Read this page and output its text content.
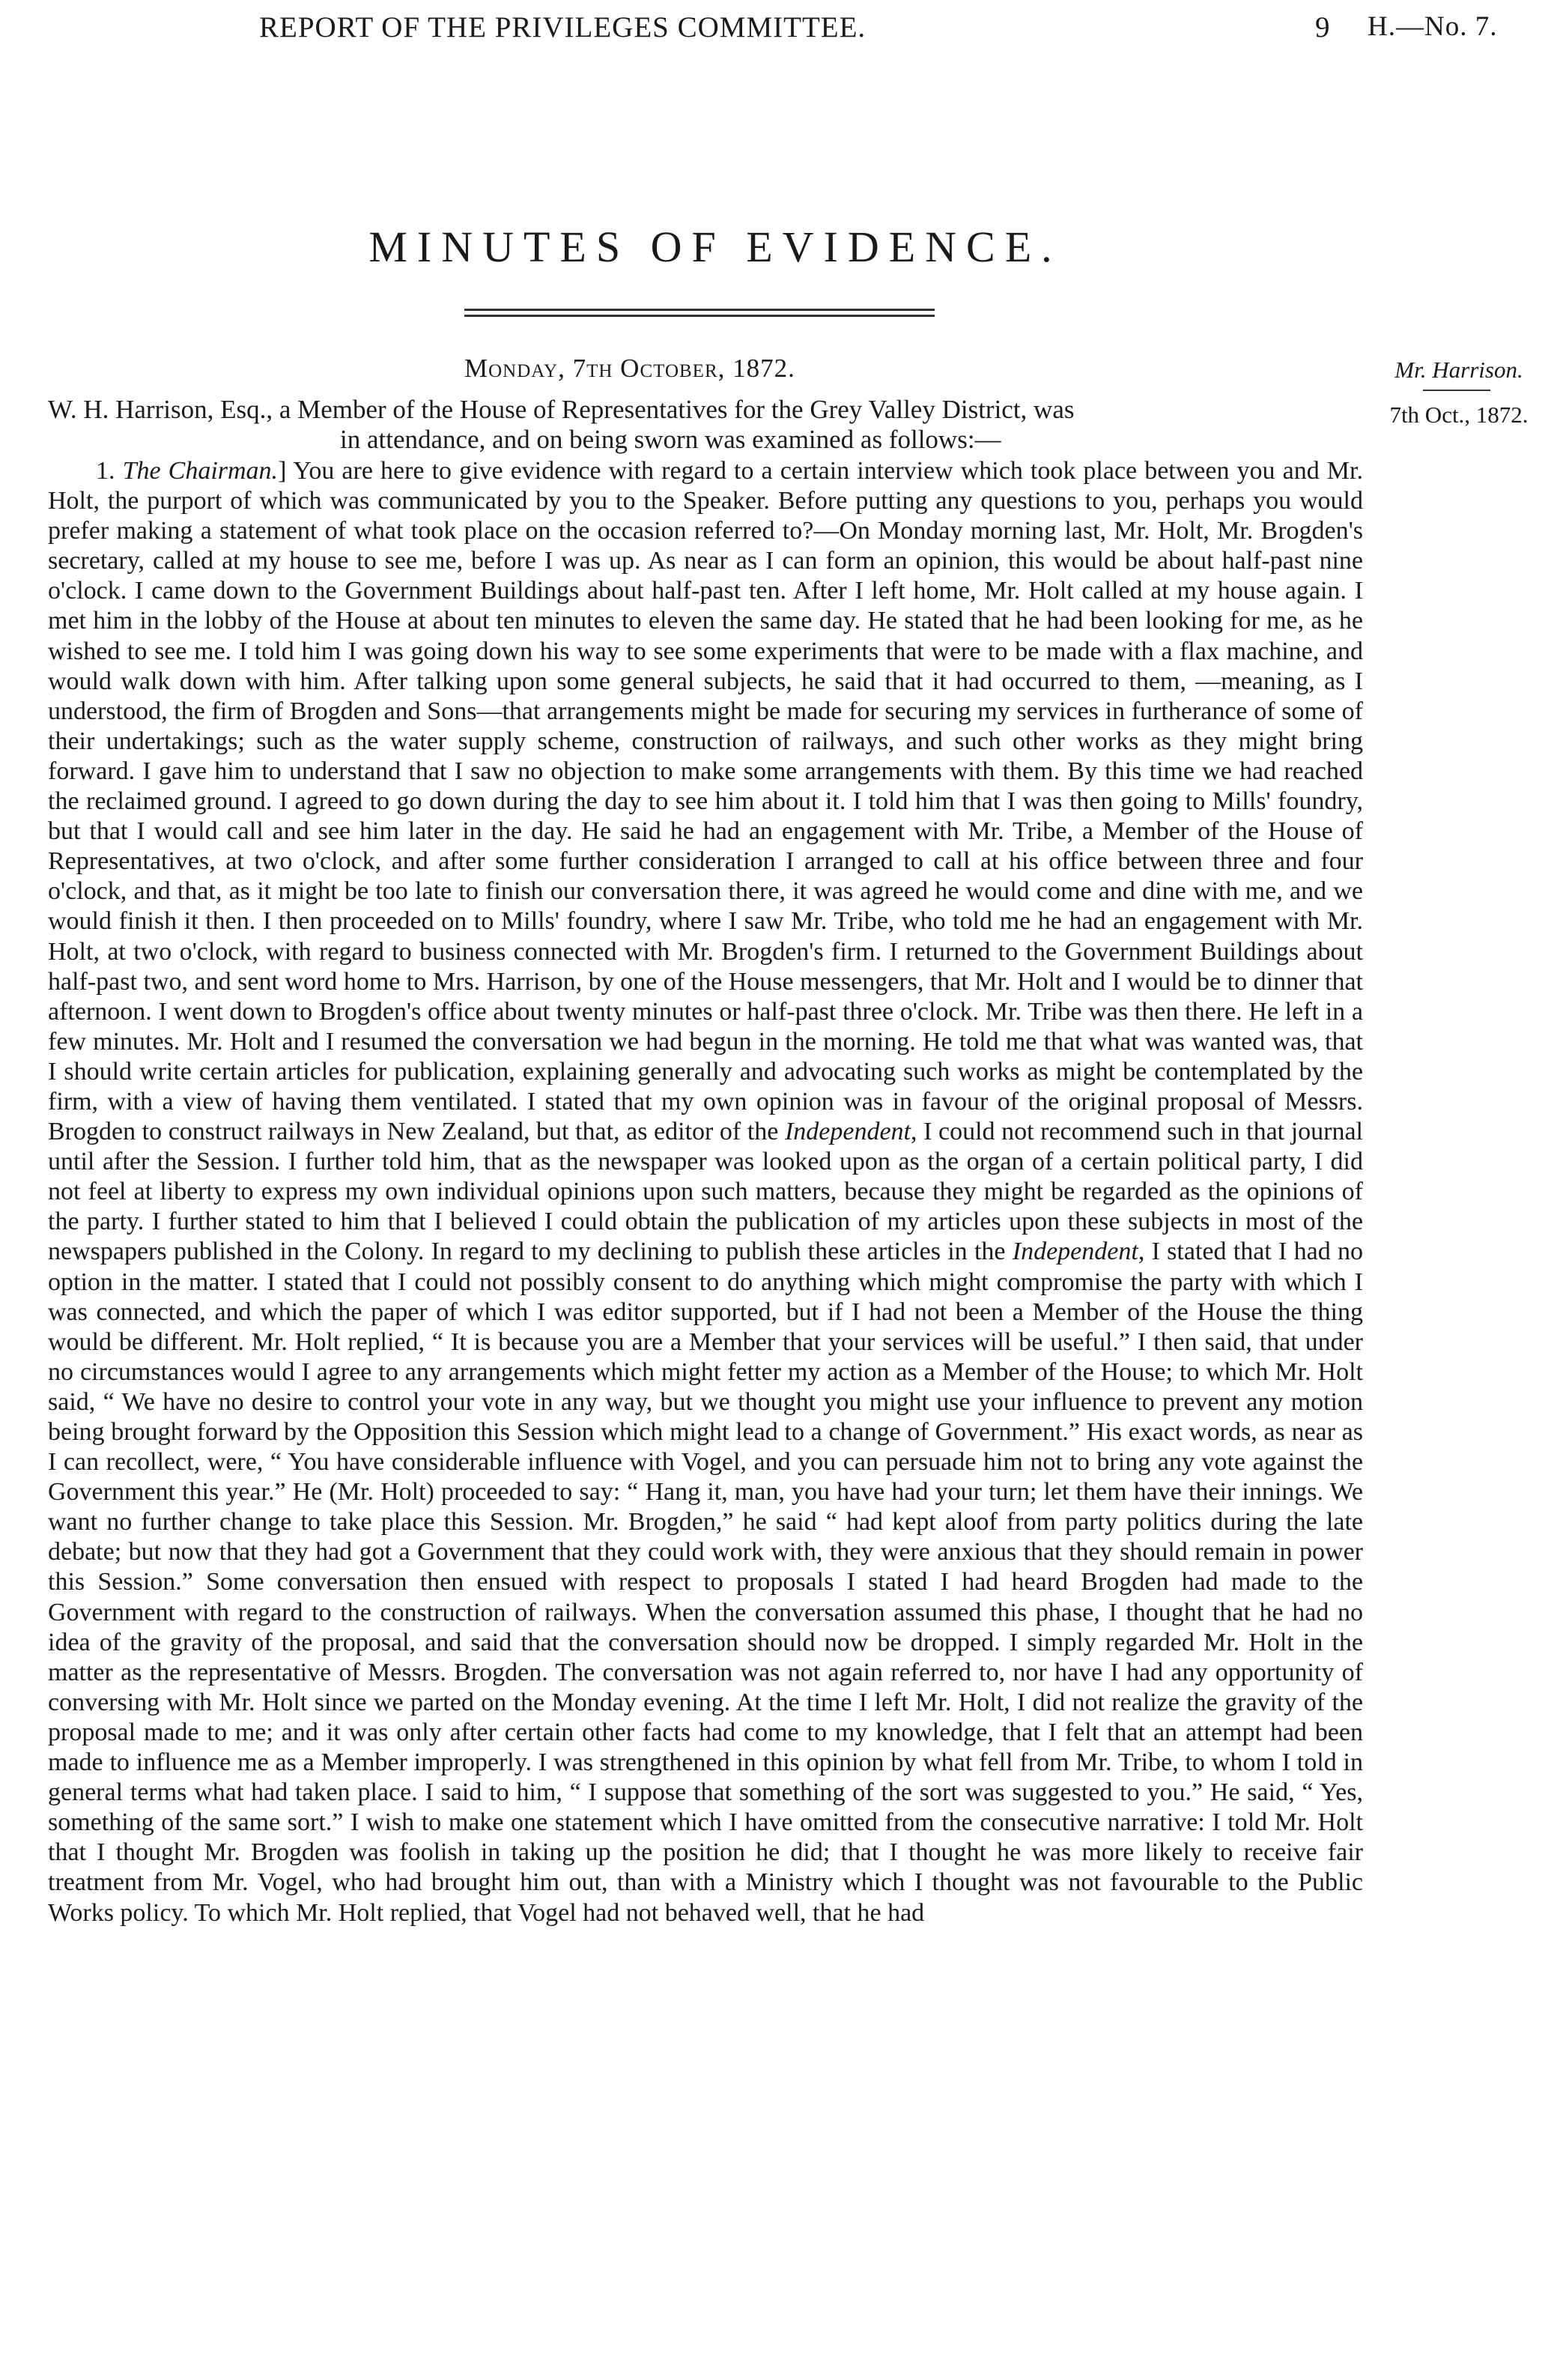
REPORT OF THE PRIVILEGES COMMITTEE.	9 H.—No. 7.
MINUTES OF EVIDENCE.
Monday, 7th October, 1872.	Mr. Harrison.
7th Oct., 1872.
W. H. Harrison, Esq., a Member of the House of Representatives for the Grey Valley District, was
in attendance, and on being sworn was examined as follows:—

1. The Chairman.] You are here to give evidence with regard to a certain interview which took place between you and Mr. Holt, the purport of which was communicated by you to the Speaker. Before putting any questions to you, perhaps you would prefer making a statement of what took place on the occasion referred to?—On Monday morning last, Mr. Holt, Mr. Brogden's secretary, called at my house to see me, before I was up. As near as I can form an opinion, this would be about half-past nine o'clock. I came down to the Government Buildings about half-past ten. After I left home, Mr. Holt called at my house again. I met him in the lobby of the House at about ten minutes to eleven the same day. He stated that he had been looking for me, as he wished to see me. I told him I was going down his way to see some experiments that were to be made with a flax machine, and would walk down with him. After talking upon some general subjects, he said that it had occurred to them, —meaning, as I understood, the firm of Brogden and Sons—that arrangements might be made for securing my services in furtherance of some of their undertakings; such as the water supply scheme, construction of railways, and such other works as they might bring forward. I gave him to understand that I saw no objection to make some arrangements with them. By this time we had reached the reclaimed ground. I agreed to go down during the day to see him about it. I told him that I was then going to Mills' foundry, but that I would call and see him later in the day. He said he had an engagement with Mr. Tribe, a Member of the House of Representatives, at two o'clock, and after some further consideration I arranged to call at his office between three and four o'clock, and that, as it might be too late to finish our conversation there, it was agreed he would come and dine with me, and we would finish it then. I then proceeded on to Mills' foundry, where I saw Mr. Tribe, who told me he had an engagement with Mr. Holt, at two o'clock, with regard to business connected with Mr. Brogden's firm. I returned to the Government Buildings about half-past two, and sent word home to Mrs. Harrison, by one of the House messengers, that Mr. Holt and I would be to dinner that afternoon. I went down to Brogden's office about twenty minutes or half-past three o'clock. Mr. Tribe was then there. He left in a few minutes. Mr. Holt and I resumed the conversation we had begun in the morning. He told me that what was wanted was, that I should write certain articles for publication, explaining generally and advocating such works as might be contemplated by the firm, with a view of having them ventilated. I stated that my own opinion was in favour of the original proposal of Messrs. Brogden to construct railways in New Zealand, but that, as editor of the Independent, I could not recommend such in that journal until after the Session. I further told him, that as the newspaper was looked upon as the organ of a certain political party, I did not feel at liberty to express my own individual opinions upon such matters, because they might be regarded as the opinions of the party. I further stated to him that I believed I could obtain the publication of my articles upon these subjects in most of the newspapers published in the Colony. In regard to my declining to publish these articles in the Independent, I stated that I had no option in the matter. I stated that I could not possibly consent to do anything which might compromise the party with which I was connected, and which the paper of which I was editor supported, but if I had not been a Member of the House the thing would be different. Mr. Holt replied, “ It is because you are a Member that your services will be useful.” I then said, that under no circumstances would I agree to any arrangements which might fetter my action as a Member of the House; to which Mr. Holt said, “ We have no desire to control your vote in any way, but we thought you might use your influence to prevent any motion being brought forward by the Opposition this Session which might lead to a change of Government.” His exact words, as near as I can recollect, were, “ You have considerable influence with Vogel, and you can persuade him not to bring any vote against the Government this year.” He (Mr. Holt) proceeded to say: “ Hang it, man, you have had your turn; let them have their innings. We want no further change to take place this Session. Mr. Brogden,” he said “ had kept aloof from party politics during the late debate; but now that they had got a Government that they could work with, they were anxious that they should remain in power this Session.” Some conversation then ensued with respect to proposals I stated I had heard Brogden had made to the Government with regard to the construction of railways. When the conversation assumed this phase, I thought that he had no idea of the gravity of the proposal, and said that the conversation should now be dropped. I simply regarded Mr. Holt in the matter as the representative of Messrs. Brogden. The conversation was not again referred to, nor have I had any opportunity of conversing with Mr. Holt since we parted on the Monday evening. At the time I left Mr. Holt, I did not realize the gravity of the proposal made to me; and it was only after certain other facts had come to my knowledge, that I felt that an attempt had been made to influence me as a Member improperly. I was strengthened in this opinion by what fell from Mr. Tribe, to whom I told in general terms what had taken place. I said to him, “ I suppose that something of the sort was suggested to you.” He said, “ Yes, something of the same sort.” I wish to make one statement which I have omitted from the consecutive narrative: I told Mr. Holt that I thought Mr. Brogden was foolish in taking up the position he did; that I thought he was more likely to receive fair treatment from Mr. Vogel, who had brought him out, than with a Ministry which I thought was not favourable to the Public Works policy. To which Mr. Holt replied, that Vogel had not behaved well, that he had
